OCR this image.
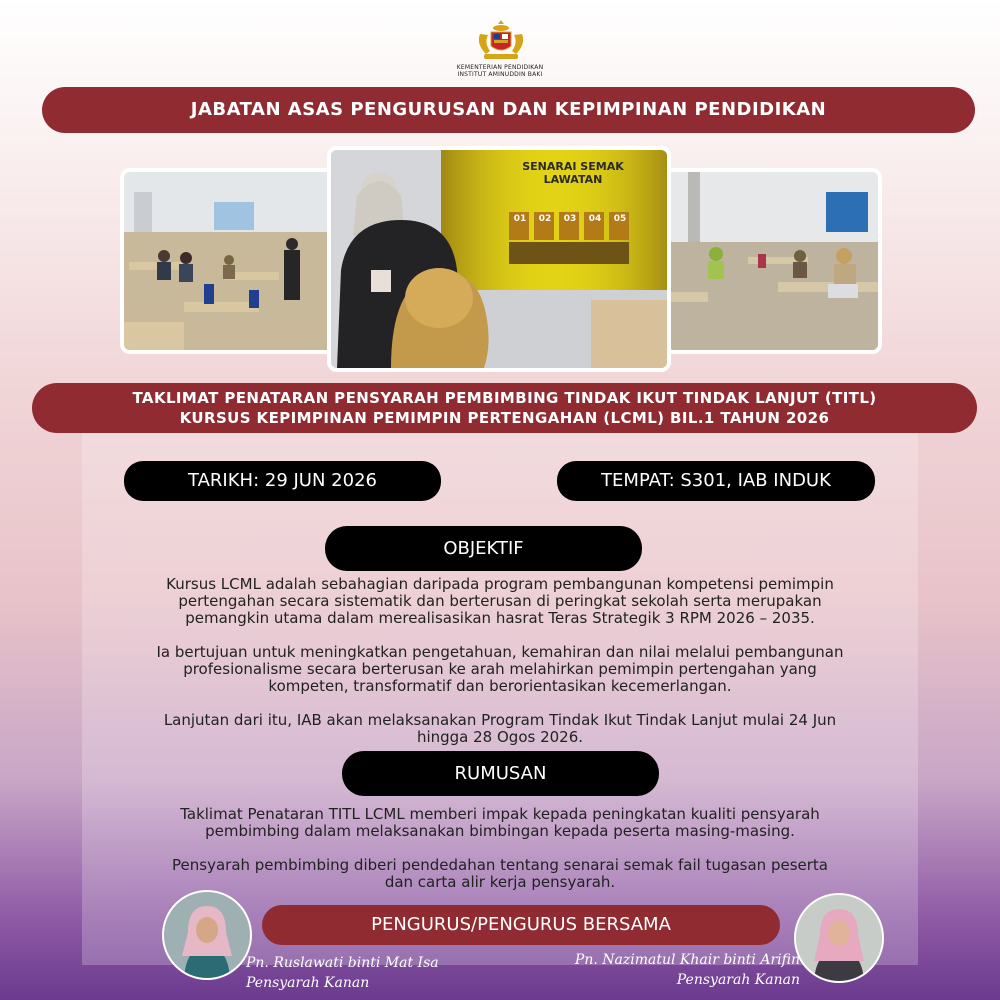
KEMENTERIAN PENDIDIKAN
INSTITUT AMINUDDIN BAKI
JABATAN ASAS PENGURUSAN DAN KEPIMPINAN PENDIDIKAN
SENARAI SEMAK LAWATAN
01	02	03	04	05
TAKLIMAT PENATARAN PENSYARAH PEMBIMBING TINDAK IKUT TINDAK LANJUT (TITL)
KURSUS KEPIMPINAN PEMIMPIN PERTENGAHAN (LCML) BIL.1 TAHUN 2026
TARIKH: 29 JUN 2026	TEMPAT: S301, IAB INDUK
OBJEKTIF
Kursus LCML adalah sebahagian daripada program pembangunan kompetensi pemimpin
pertengahan secara sistematik dan berterusan di peringkat sekolah serta merupakan
pemangkin utama dalam merealisasikan hasrat Teras Strategik 3 RPM 2026 – 2035.
Ia bertujuan untuk meningkatkan pengetahuan, kemahiran dan nilai melalui pembangunan
profesionalisme secara berterusan ke arah melahirkan pemimpin pertengahan yang
kompeten, transformatif dan berorientasikan kecemerlangan.
Lanjutan dari itu, IAB akan melaksanakan Program Tindak Ikut Tindak Lanjut mulai 24 Jun
hingga 28 Ogos 2026.
RUMUSAN
Taklimat Penataran TITL LCML memberi impak kepada peningkatan kualiti pensyarah
pembimbing dalam melaksanakan bimbingan kepada peserta masing-masing.
Pensyarah pembimbing diberi pendedahan tentang senarai semak fail tugasan peserta
dan carta alir kerja pensyarah.
PENGURUS/PENGURUS BERSAMA
Pn. Ruslawati binti Mat Isa
Pensyarah Kanan
Pn. Nazimatul Khair binti Arifin
Pensyarah Kanan
